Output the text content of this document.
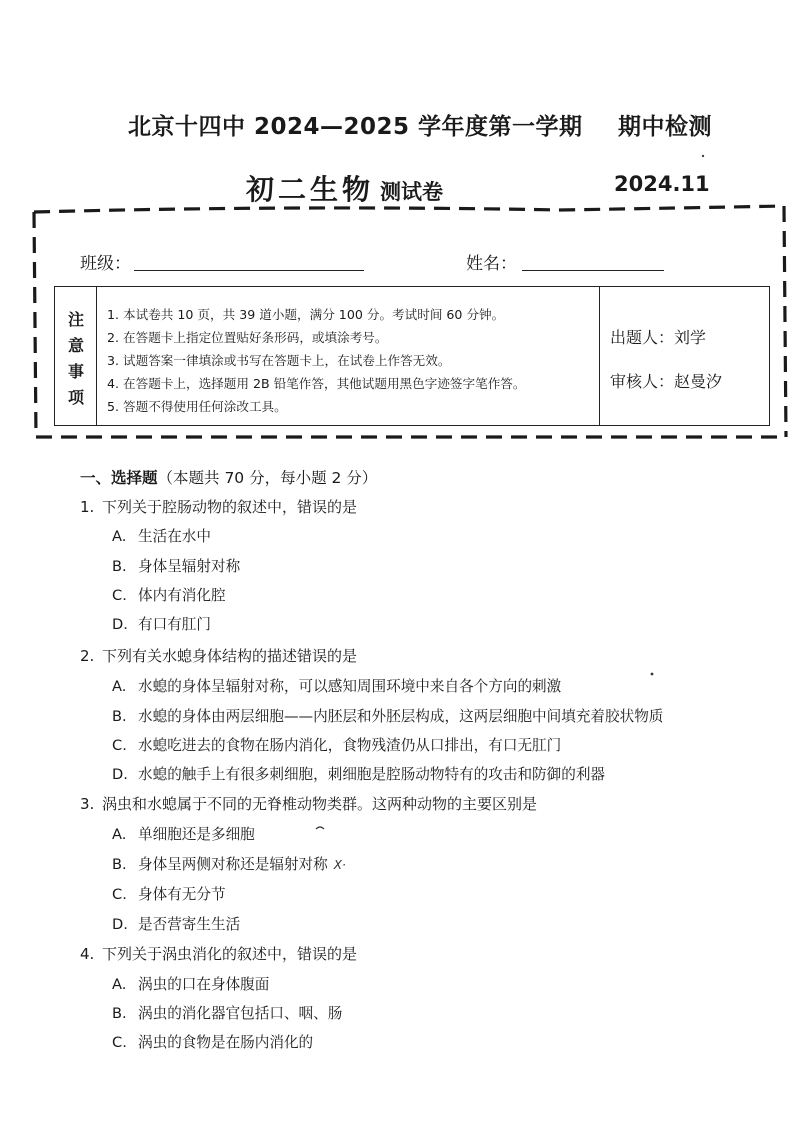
北京十四中 2024—2025 学年度第一学期 期中检测
初二生物 测试卷	2024.11
班级：	姓名：
注
意
事
项
1. 本试卷共 10 页，共 39 道小题，满分 100 分。考试时间 60 分钟。
2. 在答题卡上指定位置贴好条形码，或填涂考号。
3. 试题答案一律填涂或书写在答题卡上，在试卷上作答无效。
4. 在答题卡上，选择题用 2B 铅笔作答，其他试题用黑色字迹签字笔作答。
5. 答题不得使用任何涂改工具。
出题人：刘学
审核人：赵曼汐
一、选择题（本题共 70 分，每小题 2 分）
1. 下列关于腔肠动物的叙述中，错误的是
A. 生活在水中
B. 身体呈辐射对称
C. 体内有消化腔
D. 有口有肛门
2. 下列有关水螅身体结构的描述错误的是
A. 水螅的身体呈辐射对称，可以感知周围环境中来自各个方向的刺激
B. 水螅的身体由两层细胞——内胚层和外胚层构成，这两层细胞中间填充着胶状物质
C. 水螅吃进去的食物在肠内消化，食物残渣仍从口排出，有口无肛门
D. 水螅的触手上有很多刺细胞，刺细胞是腔肠动物特有的攻击和防御的利器
3. 涡虫和水螅属于不同的无脊椎动物类群。这两种动物的主要区别是
A. 单细胞还是多细胞
B. 身体呈两侧对称还是辐射对称 X·
C. 身体有无分节
D. 是否营寄生生活
4. 下列关于涡虫消化的叙述中，错误的是
A. 涡虫的口在身体腹面
B. 涡虫的消化器官包括口、咽、肠
C. 涡虫的食物是在肠内消化的
